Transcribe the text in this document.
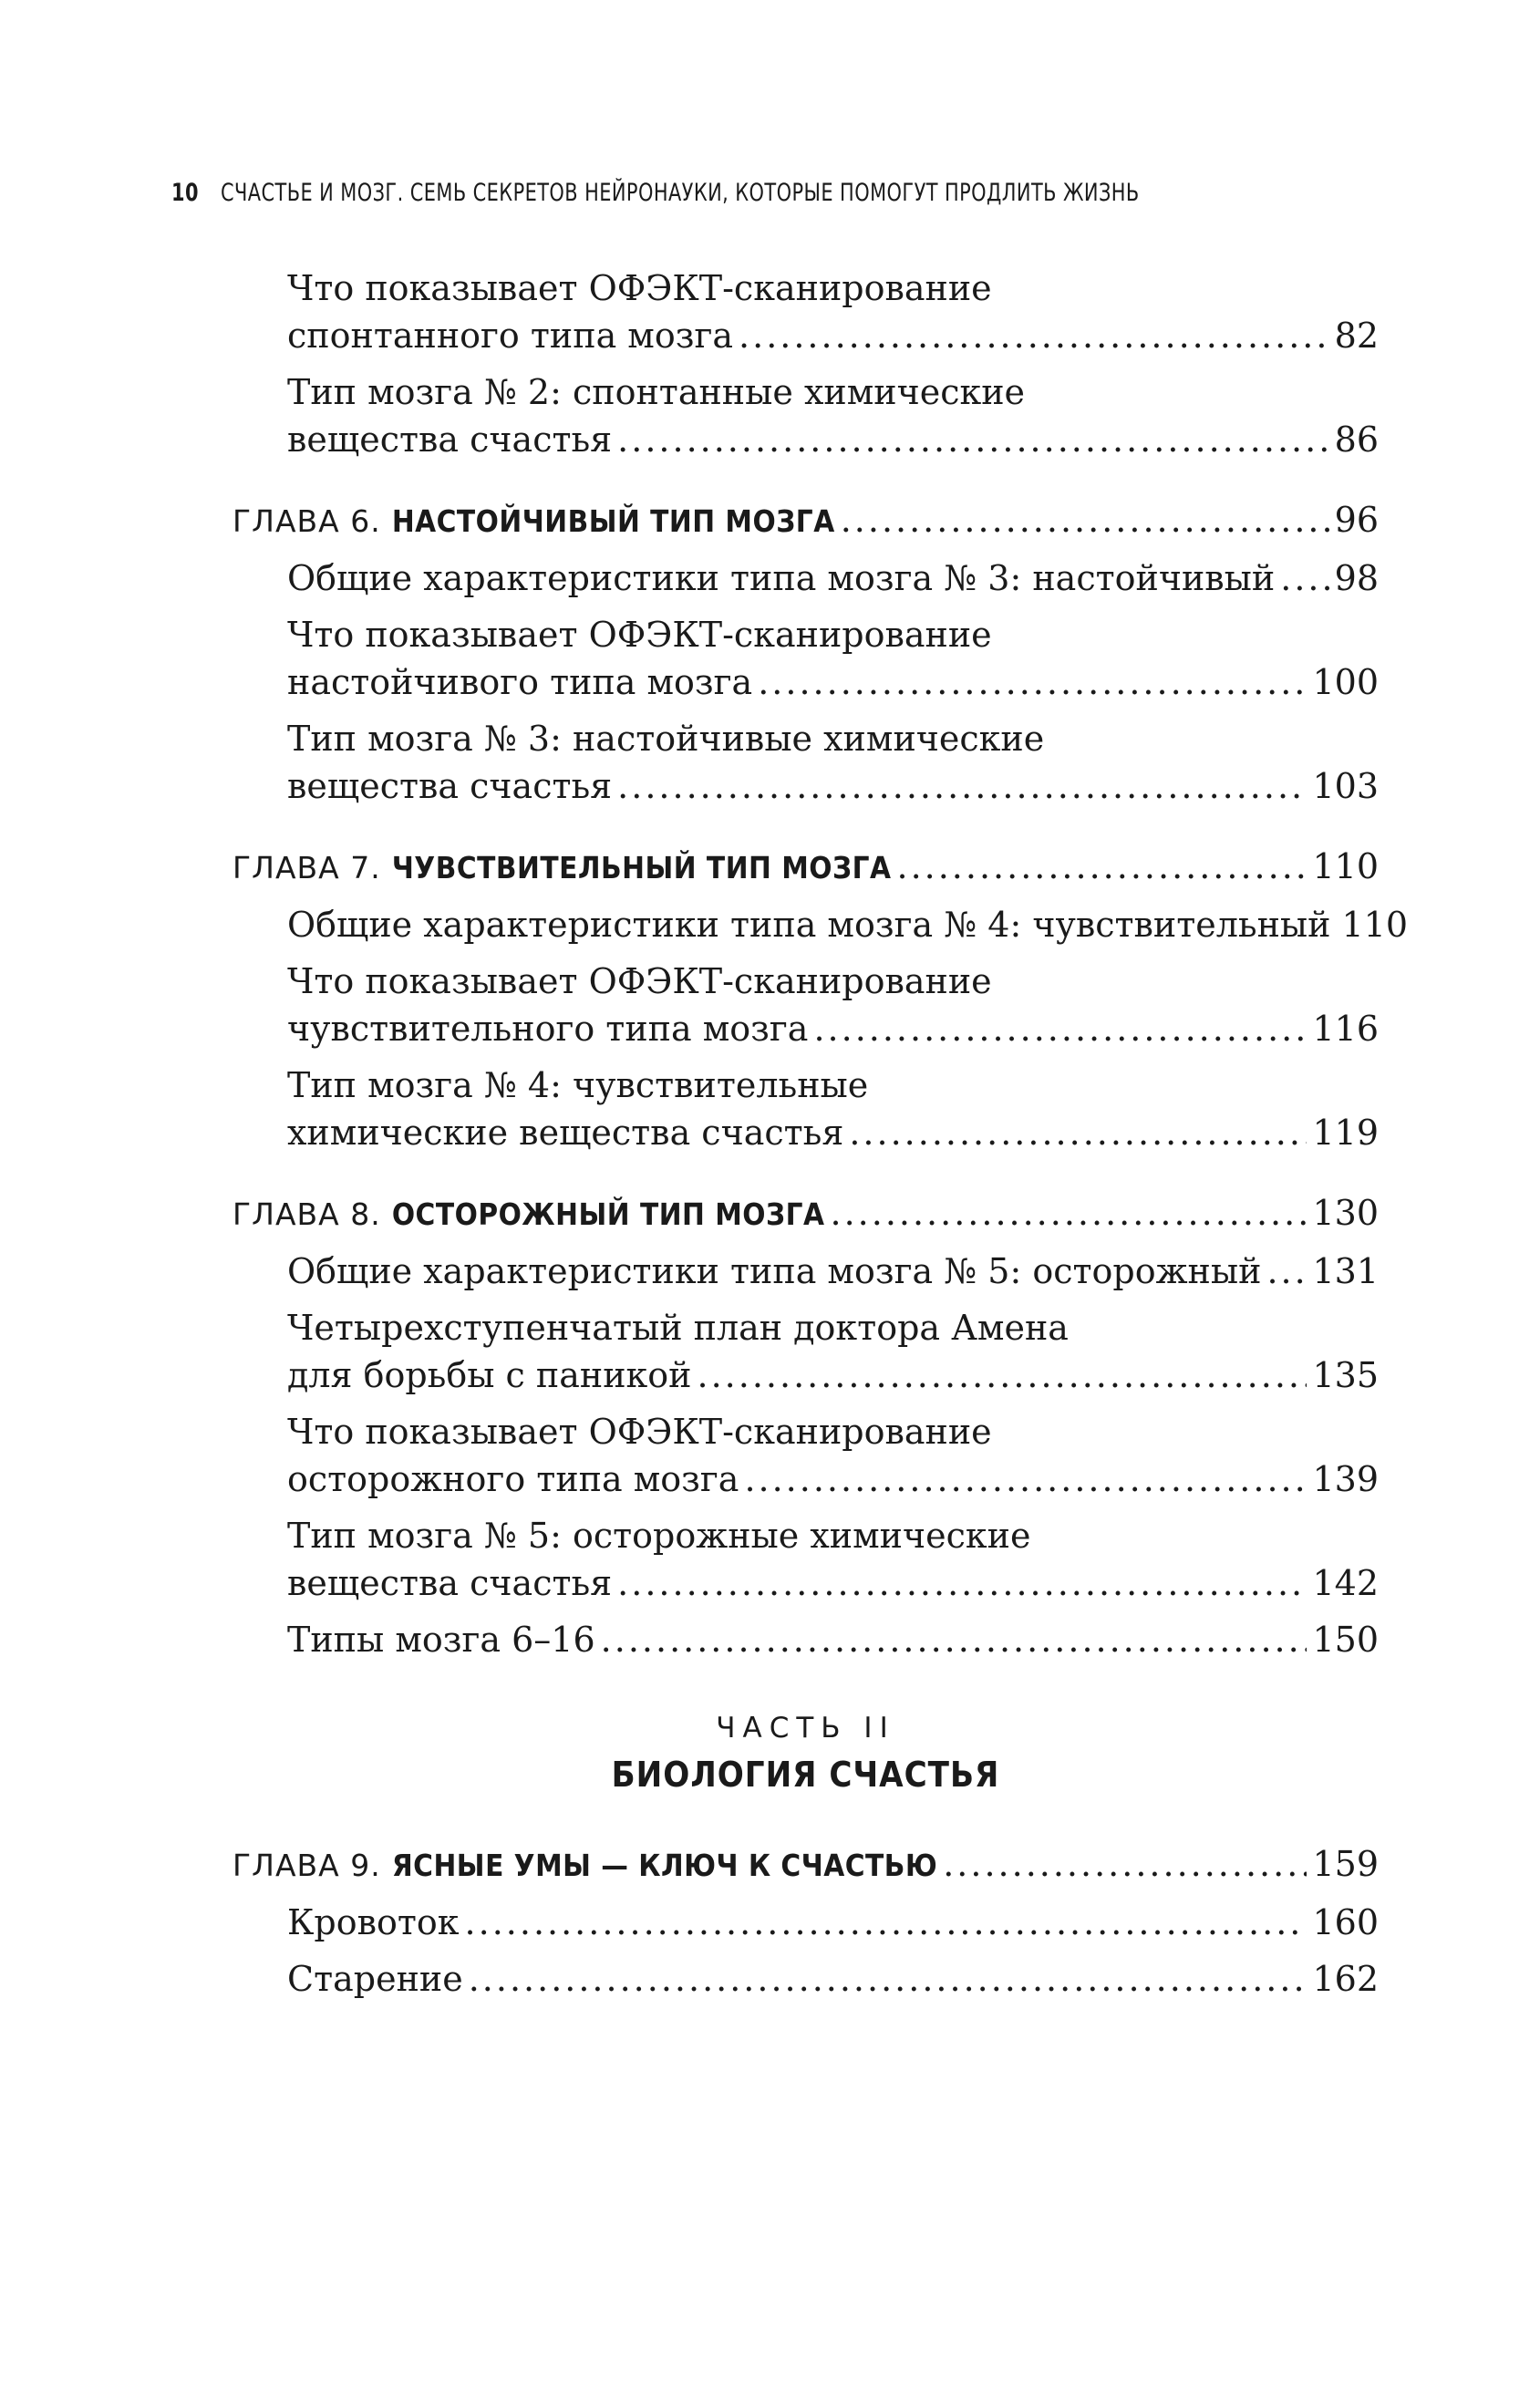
10 СЧАСТЬЕ И МОЗГ. СЕМЬ СЕКРЕТОВ НЕЙРОНАУКИ, КОТОРЫЕ ПОМОГУТ ПРОДЛИТЬ ЖИЗНЬ
Что показывает ОФЭКТ-сканирование
спонтанного типа мозга .....	82
Тип мозга № 2: спонтанные химические
вещества счастья .....	86
ГЛАВА 6. НАСТОЙЧИВЫЙ ТИП МОЗГА .....	96
Общие характеристики типа мозга № 3: настойчивый ..... 98
Что показывает ОФЭКТ-сканирование
настойчивого типа мозга .....	100
Тип мозга № 3: настойчивые химические
вещества счастья .....	103
ГЛАВА 7. ЧУВСТВИТЕЛЬНЫЙ ТИП МОЗГА .....	110
Общие характеристики типа мозга № 4: чувствительный 110
Что показывает ОФЭКТ-сканирование
чувствительного типа мозга .....	116
Тип мозга № 4: чувствительные
химические вещества счастья .....	119
ГЛАВА 8. ОСТОРОЖНЫЙ ТИП МОЗГА .....	130
Общие характеристики типа мозга № 5: осторожный ..... 131
Четырехступенчатый план доктора Амена
для борьбы с паникой .....	135
Что показывает ОФЭКТ-сканирование
осторожного типа мозга .....	139
Тип мозга № 5: осторожные химические
вещества счастья .....	142
Типы мозга 6–16 .....	150
ЧАСТЬ II
БИОЛОГИЯ СЧАСТЬЯ
ГЛАВА 9. ЯСНЫЕ УМЫ — КЛЮЧ К СЧАСТЬЮ .....	159
Кровоток .....	160
Старение .....	162
